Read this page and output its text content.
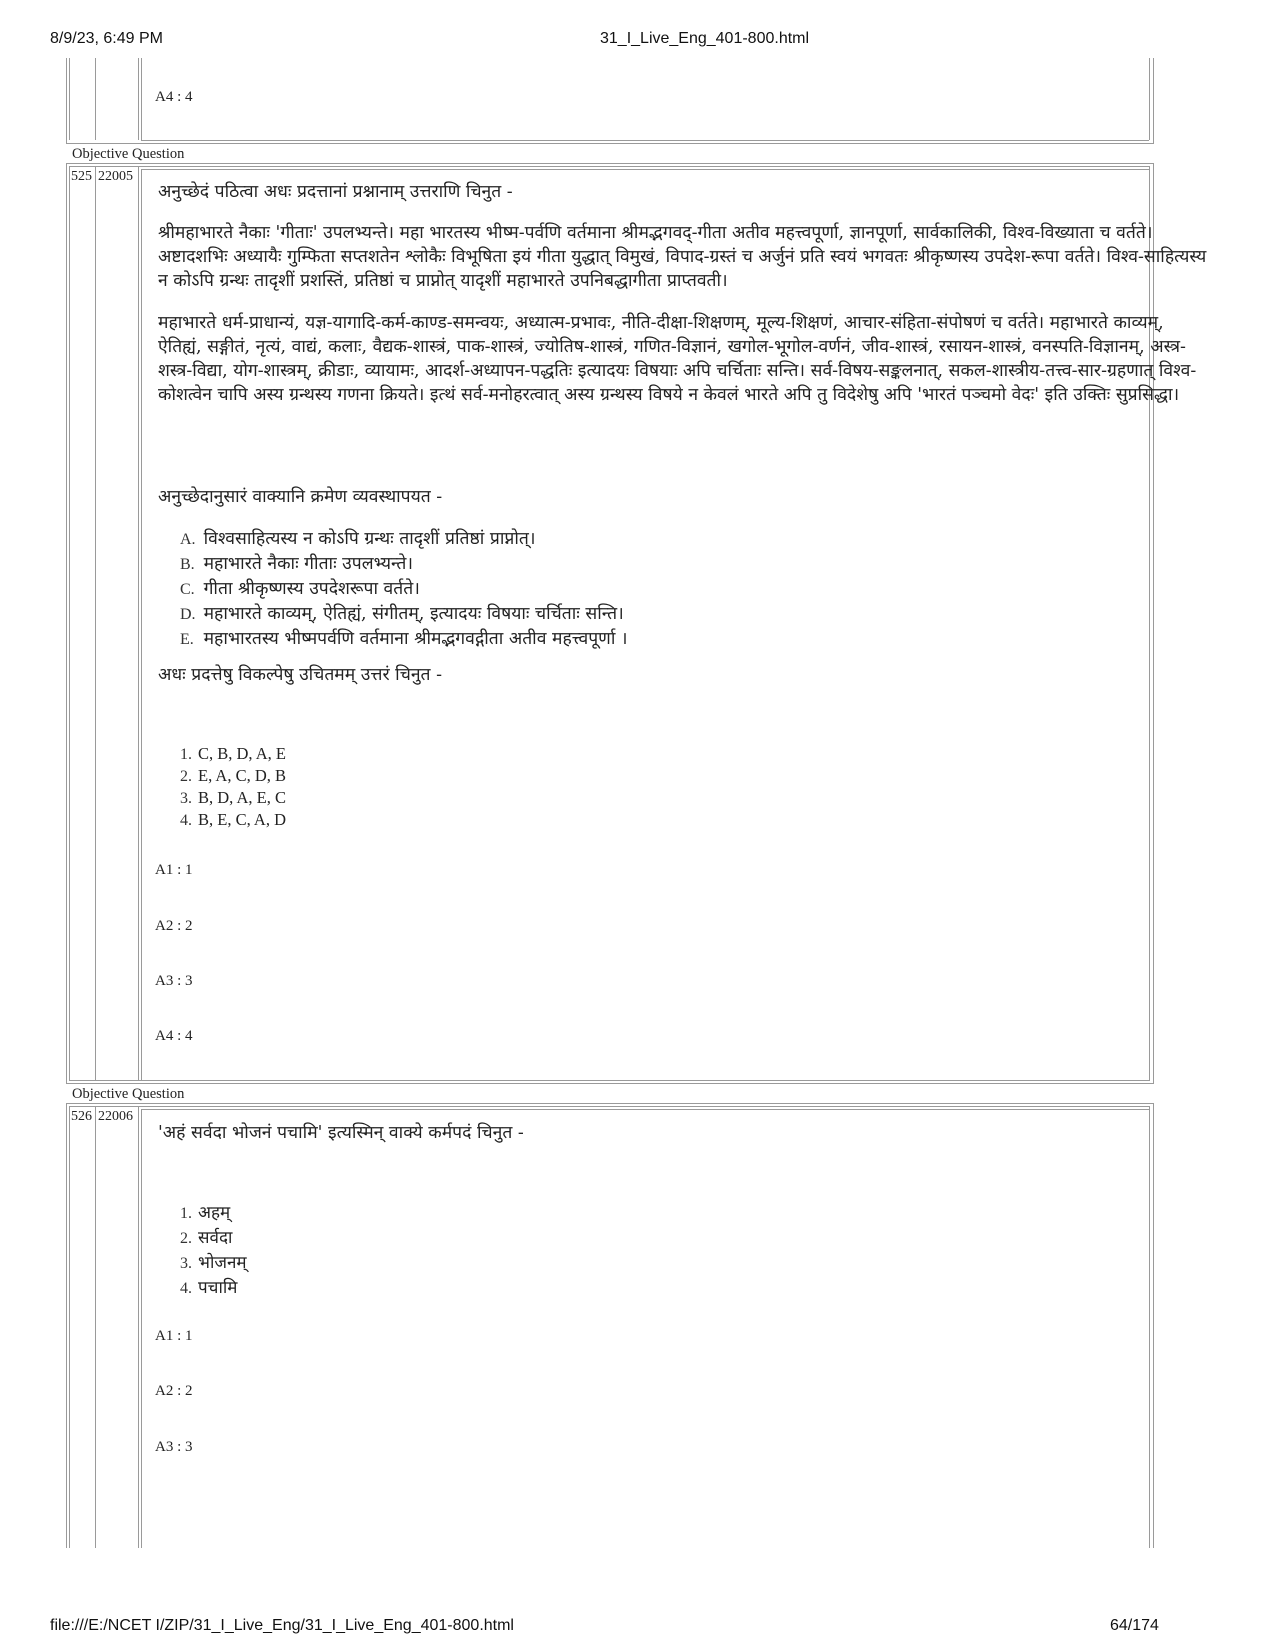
8/9/23, 6:49 PM	31_I_Live_Eng_401-800.html
A4 : 4
Objective Question
525 22005
अनुच्छेदं पठित्वा अधः प्रदत्तानां प्रश्नानाम् उत्तराणि चिनुत -

श्रीमहाभारते नैकाः 'गीताः' उपलभ्यन्ते। महा भारतस्य भीष्म-पर्वणि वर्तमाना श्रीमद्भगवद्-गीता अतीव महत्त्वपूर्णा, ज्ञानपूर्णा, सार्वकालिकी, विश्व-विख्याता च वर्तते। अष्टादशभिः अध्यायैः गुम्फिता सप्तशतेन श्लोकैः विभूषिता इयं गीता युद्धात् विमुखं, विपाद-ग्रस्तं च अर्जुनं प्रति स्वयं भगवतः श्रीकृष्णस्य उपदेश-रूपा वर्तते। विश्व-साहित्यस्य न कोऽपि ग्रन्थः तादृशीं प्रशस्तिं, प्रतिष्ठां च प्राप्नोत् यादृशीं महाभारते उपनिबद्धागीता प्राप्तवती।

महाभारते धर्म-प्राधान्यं, यज्ञ-यागादि-कर्म-काण्ड-समन्वयः, अध्यात्म-प्रभावः, नीति-दीक्षा-शिक्षणम्, मूल्य-शिक्षणं, आचार-संहिता-संपोषणं च वर्तते। महाभारते काव्यम्, ऐतिह्यं, सङ्गीतं, नृत्यं, वाद्यं, कलाः, वैद्यक-शास्त्रं, पाक-शास्त्रं, ज्योतिष-शास्त्रं, गणित-विज्ञानं, खगोल-भूगोल-वर्णनं, जीव-शास्त्रं, रसायन-शास्त्रं, वनस्पति-विज्ञानम्, अस्त्र-शस्त्र-विद्या, योग-शास्त्रम्, क्रीडाः, व्यायामः, आदर्श-अध्यापन-पद्धतिः इत्यादयः विषयाः अपि चर्चिताः सन्ति। सर्व-विषय-सङ्कलनात्, सकल-शास्त्रीय-तत्त्व-सार-ग्रहणात् विश्व-कोशत्वेन चापि अस्य ग्रन्थस्य गणना क्रियते। इत्थं सर्व-मनोहरत्वात् अस्य ग्रन्थस्य विषये न केवलं भारते अपि तु विदेशेषु अपि 'भारतं पञ्चमो वेदः' इति उक्तिः सुप्रसिद्धा।

अनुच्छेदानुसारं वाक्यानि क्रमेण व्यवस्थापयत -
A. विश्वसाहित्यस्य न कोऽपि ग्रन्थः तादृशीं प्रतिष्ठां प्राप्नोत्।
B. महाभारते नैकाः गीताः उपलभ्यन्ते।
C. गीता श्रीकृष्णस्य उपदेशरूपा वर्तते।
D. महाभारते काव्यम्, ऐतिह्यं, संगीतम्, इत्यादयः विषयाः चर्चिताः सन्ति।
E. महाभारतस्य भीष्मपर्वणि वर्तमाना श्रीमद्भगवद्गीता अतीव महत्त्वपूर्णा ।
अधः प्रदत्तेषु विकल्पेषु उचितमम् उत्तरं चिनुत -
1. C, B, D, A, E
2. E, A, C, D, B
3. B, D, A, E, C
4. B, E, C, A, D
A1 : 1
A2 : 2
A3 : 3
A4 : 4
Objective Question
526 22006
'अहं सर्वदा भोजनं पचामि' इत्यस्मिन् वाक्ये कर्मपदं चिनुत -
1. अहम्
2. सर्वदा
3. भोजनम्
4. पचामि
A1 : 1
A2 : 2
A3 : 3
file:///E:/NCET I/ZIP/31_I_Live_Eng/31_I_Live_Eng_401-800.html	64/174
